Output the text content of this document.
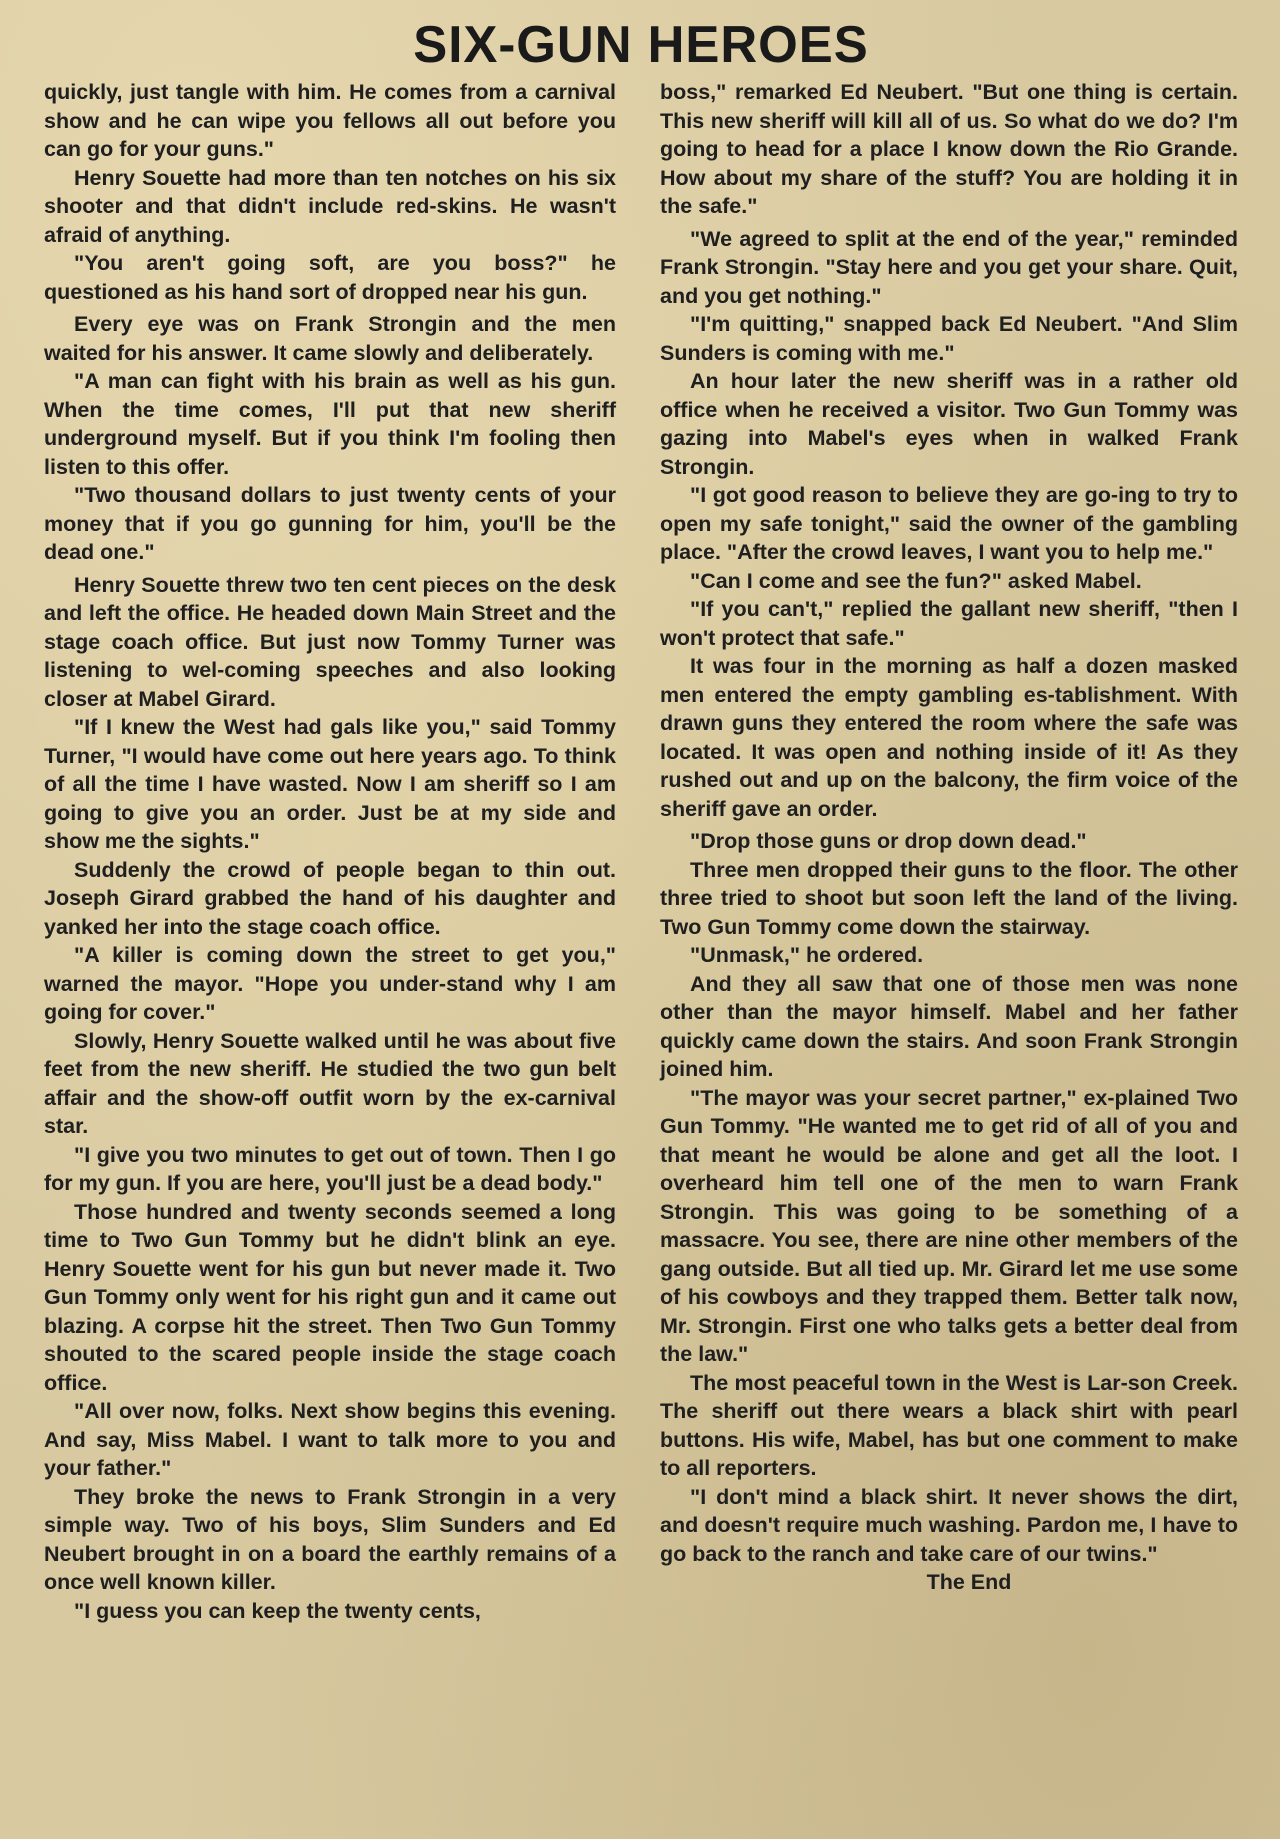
SIX-GUN HEROES

quickly, just tangle with him. He comes from a carnival show and he can wipe you fellows all out before you can go for your guns."

Henry Souette had more than ten notches on his six shooter and that didn't include red-skins. He wasn't afraid of anything.

"You aren't going soft, are you boss?" he questioned as his hand sort of dropped near his gun.

Every eye was on Frank Strongin and the men waited for his answer. It came slowly and deliberately.

"A man can fight with his brain as well as his gun. When the time comes, I'll put that new sheriff underground myself. But if you think I'm fooling then listen to this offer.

"Two thousand dollars to just twenty cents of your money that if you go gunning for him, you'll be the dead one."

Henry Souette threw two ten cent pieces on the desk and left the office. He headed down Main Street and the stage coach office. But just now Tommy Turner was listening to wel-coming speeches and also looking closer at Mabel Girard.

"If I knew the West had gals like you," said Tommy Turner, "I would have come out here years ago. To think of all the time I have wasted. Now I am sheriff so I am going to give you an order. Just be at my side and show me the sights."

Suddenly the crowd of people began to thin out. Joseph Girard grabbed the hand of his daughter and yanked her into the stage coach office.

"A killer is coming down the street to get you," warned the mayor. "Hope you under-stand why I am going for cover."

Slowly, Henry Souette walked until he was about five feet from the new sheriff. He studied the two gun belt affair and the show-off outfit worn by the ex-carnival star.

"I give you two minutes to get out of town. Then I go for my gun. If you are here, you'll just be a dead body."

Those hundred and twenty seconds seemed a long time to Two Gun Tommy but he didn't blink an eye. Henry Souette went for his gun but never made it. Two Gun Tommy only went for his right gun and it came out blazing. A corpse hit the street. Then Two Gun Tommy shouted to the scared people inside the stage coach office.

"All over now, folks. Next show begins this evening. And say, Miss Mabel. I want to talk more to you and your father."

They broke the news to Frank Strongin in a very simple way. Two of his boys, Slim Sunders and Ed Neubert brought in on a board the earthly remains of a once well known killer.

"I guess you can keep the twenty cents,

boss," remarked Ed Neubert. "But one thing is certain. This new sheriff will kill all of us. So what do we do? I'm going to head for a place I know down the Rio Grande. How about my share of the stuff? You are holding it in the safe."

"We agreed to split at the end of the year," reminded Frank Strongin. "Stay here and you get your share. Quit, and you get nothing."

"I'm quitting," snapped back Ed Neubert. "And Slim Sunders is coming with me."

An hour later the new sheriff was in a rather old office when he received a visitor. Two Gun Tommy was gazing into Mabel's eyes when in walked Frank Strongin.

"I got good reason to believe they are go-ing to try to open my safe tonight," said the owner of the gambling place. "After the crowd leaves, I want you to help me."

"Can I come and see the fun?" asked Mabel.

"If you can't," replied the gallant new sheriff, "then I won't protect that safe."

It was four in the morning as half a dozen masked men entered the empty gambling es-tablishment. With drawn guns they entered the room where the safe was located. It was open and nothing inside of it! As they rushed out and up on the balcony, the firm voice of the sheriff gave an order.

"Drop those guns or drop down dead."

Three men dropped their guns to the floor. The other three tried to shoot but soon left the land of the living. Two Gun Tommy come down the stairway.

"Unmask," he ordered.

And they all saw that one of those men was none other than the mayor himself. Mabel and her father quickly came down the stairs. And soon Frank Strongin joined him.

"The mayor was your secret partner," ex-plained Two Gun Tommy. "He wanted me to get rid of all of you and that meant he would be alone and get all the loot. I overheard him tell one of the men to warn Frank Strongin. This was going to be something of a massacre. You see, there are nine other members of the gang outside. But all tied up. Mr. Girard let me use some of his cowboys and they trapped them. Better talk now, Mr. Strongin. First one who talks gets a better deal from the law."

The most peaceful town in the West is Lar-son Creek. The sheriff out there wears a black shirt with pearl buttons. His wife, Mabel, has but one comment to make to all reporters.

"I don't mind a black shirt. It never shows the dirt, and doesn't require much washing. Pardon me, I have to go back to the ranch and take care of our twins."

The End
